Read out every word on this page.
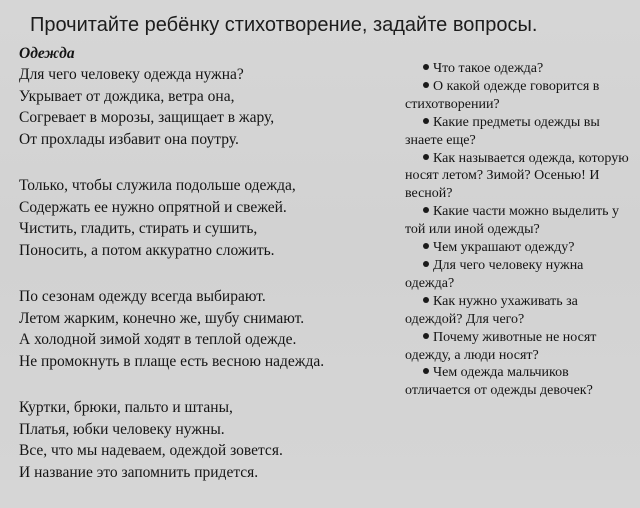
Прочитайте ребёнку стихотворение, задайте вопросы.
Одежда
Для чего человеку одежда нужна?
Укрывает от дождика, ветра она,
Согревает в морозы, защищает в жару,
От прохлады избавит она поутру.
Только, чтобы служила подольше одежда,
Содержать ее нужно опрятной и свежей.
Чистить, гладить, стирать и сушить,
Поносить, а потом аккуратно сложить.
По сезонам одежду всегда выбирают.
Летом жарким, конечно же, шубу снимают.
А холодной зимой ходят в теплой одежде.
Не промокнуть в плаще есть весною надежда.
Куртки, брюки, пальто и штаны,
Платья, юбки человеку нужны.
Все, что мы надеваем, одеждой зовется.
И название это запомнить придется.
Что такое одежда?
О какой одежде говорится в стихотворении?
Какие предметы одежды вы знаете еще?
Как называется одежда, которую носят летом? Зимой? Осенью! И весной?
Какие части можно выделить у той или иной одежды?
Чем украшают одежду?
Для чего человеку нужна одежда?
Как нужно ухаживать за одеждой? Для чего?
Почему животные не носят одежду, а люди носят?
Чем одежда мальчиков отличается от одежды девочек?
